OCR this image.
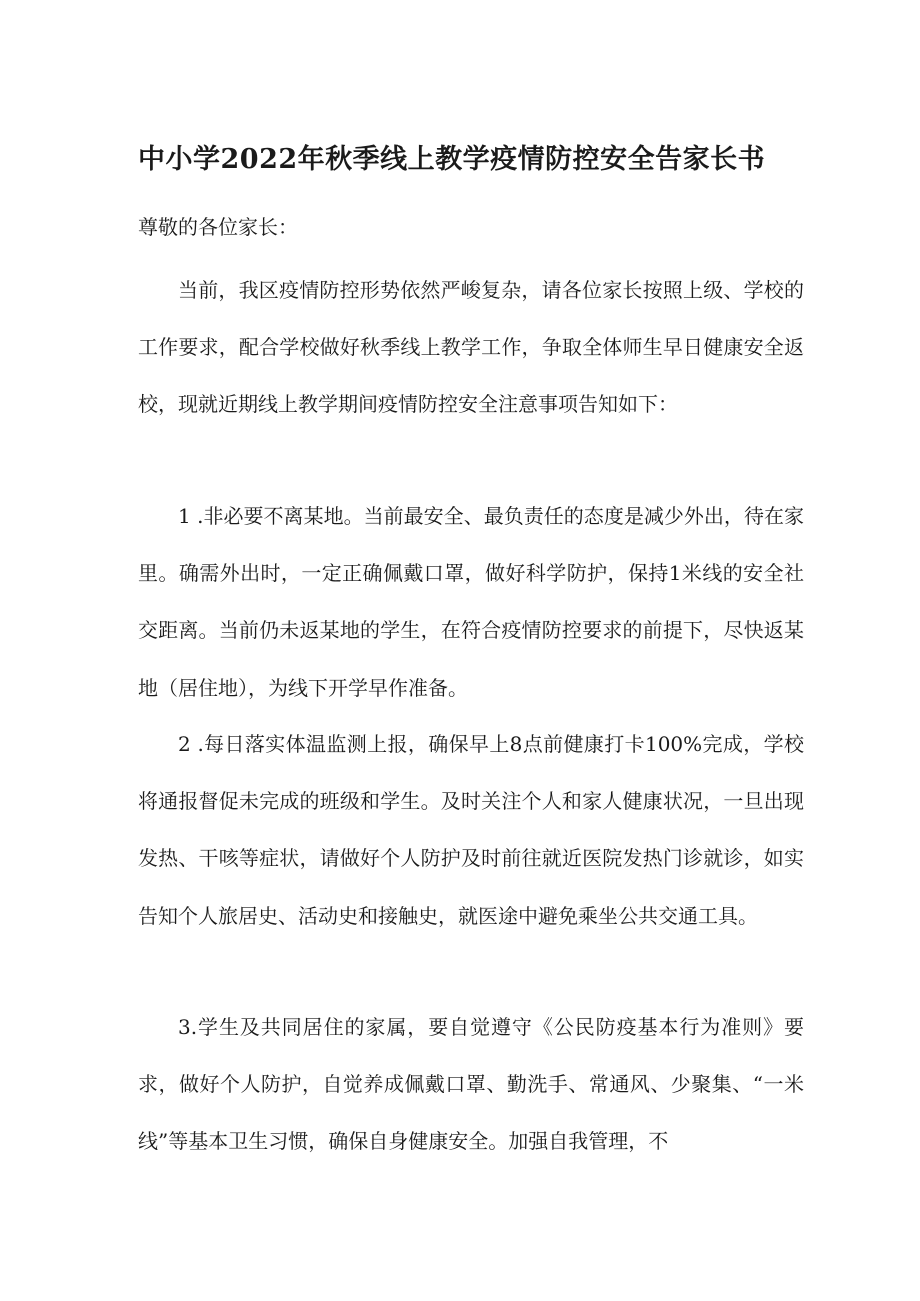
中小学2022年秋季线上教学疫情防控安全告家长书
尊敬的各位家长：

当前，我区疫情防控形势依然严峻复杂，请各位家长按照上级、学校的工作要求，配合学校做好秋季线上教学工作，争取全体师生早日健康安全返校，现就近期线上教学期间疫情防控安全注意事项告知如下：

1 .非必要不离某地。当前最安全、最负责任的态度是减少外出，待在家里。确需外出时，一定正确佩戴口罩，做好科学防护，保持1米线的安全社交距离。当前仍未返某地的学生，在符合疫情防控要求的前提下，尽快返某地（居住地），为线下开学早作准备。

2 .每日落实体温监测上报，确保早上8点前健康打卡100%完成，学校将通报督促未完成的班级和学生。及时关注个人和家人健康状况，一旦出现发热、干咳等症状，请做好个人防护及时前往就近医院发热门诊就诊，如实告知个人旅居史、活动史和接触史，就医途中避免乘坐公共交通工具。

3.学生及共同居住的家属，要自觉遵守《公民防疫基本行为准则》要求，做好个人防护，自觉养成佩戴口罩、勤洗手、常通风、少聚集、“一米线”等基本卫生习惯，确保自身健康安全。加强自我管理，不
